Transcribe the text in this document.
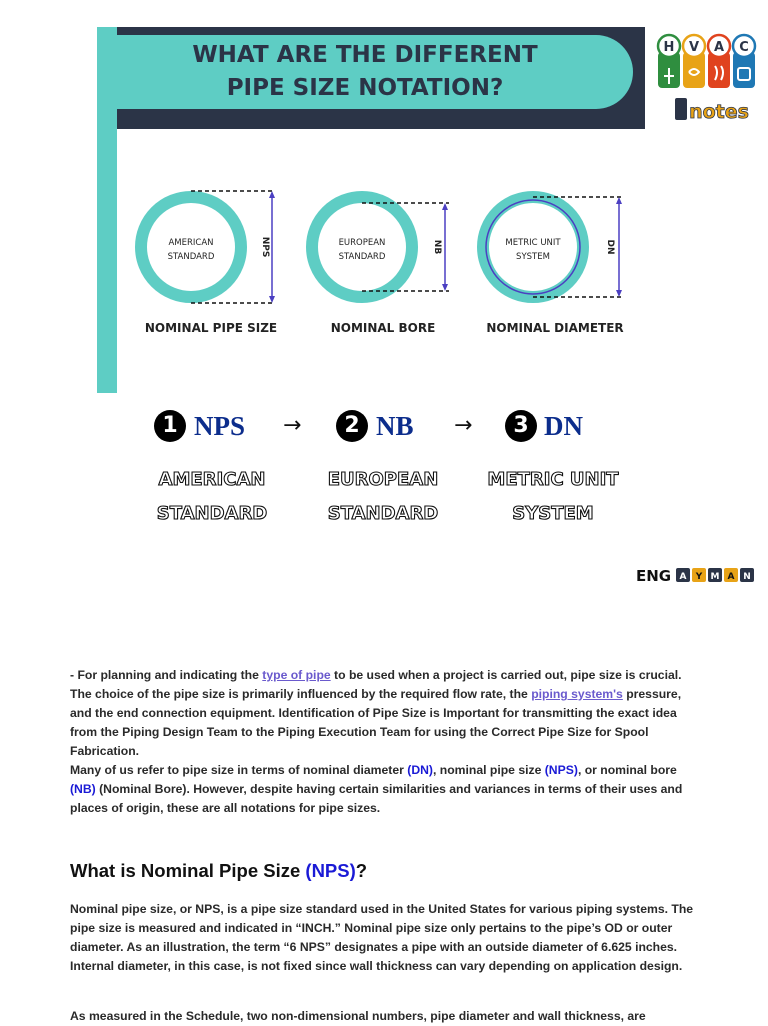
WHAT ARE THE DIFFERENT
PIPE SIZE NOTATION?
AMERICAN
STANDARD	NPS	EUROPEAN
STANDARD
NB	METRIC UNIT
SYSTEM
DN
NOMINAL PIPE SIZE	NOMINAL BORE	NOMINAL DIAMETER
H V A C
notes
1 NPS →	2 NB →	3 DN
AMERICAN
STANDARD
EUROPEAN
STANDARD
METRIC UNIT
SYSTEM
ENG A Y M A N

- For planning and indicating the type of pipe to be used when a project is carried out, pipe size is crucial. The choice of the pipe size is primarily influenced by the required flow rate, the piping system's pressure, and the end connection equipment. Identification of Pipe Size is Important for transmitting the exact idea from the Piping Design Team to the Piping Execution Team for using the Correct Pipe Size for Spool Fabrication.
Many of us refer to pipe size in terms of nominal diameter (DN), nominal pipe size (NPS), or nominal bore (NB) (Nominal Bore). However, despite having certain similarities and variances in terms of their uses and places of origin, these are all notations for pipe sizes.

What is Nominal Pipe Size (NPS)?

Nominal pipe size, or NPS, is a pipe size standard used in the United States for various piping systems. The pipe size is measured and indicated in “INCH.” Nominal pipe size only pertains to the pipe’s OD or outer diameter. As an illustration, the term “6 NPS” designates a pipe with an outside diameter of 6.625 inches. Internal diameter, in this case, is not fixed since wall thickness can vary depending on application design.

As measured in the Schedule, two non-dimensional numbers, pipe diameter and wall thickness, are
